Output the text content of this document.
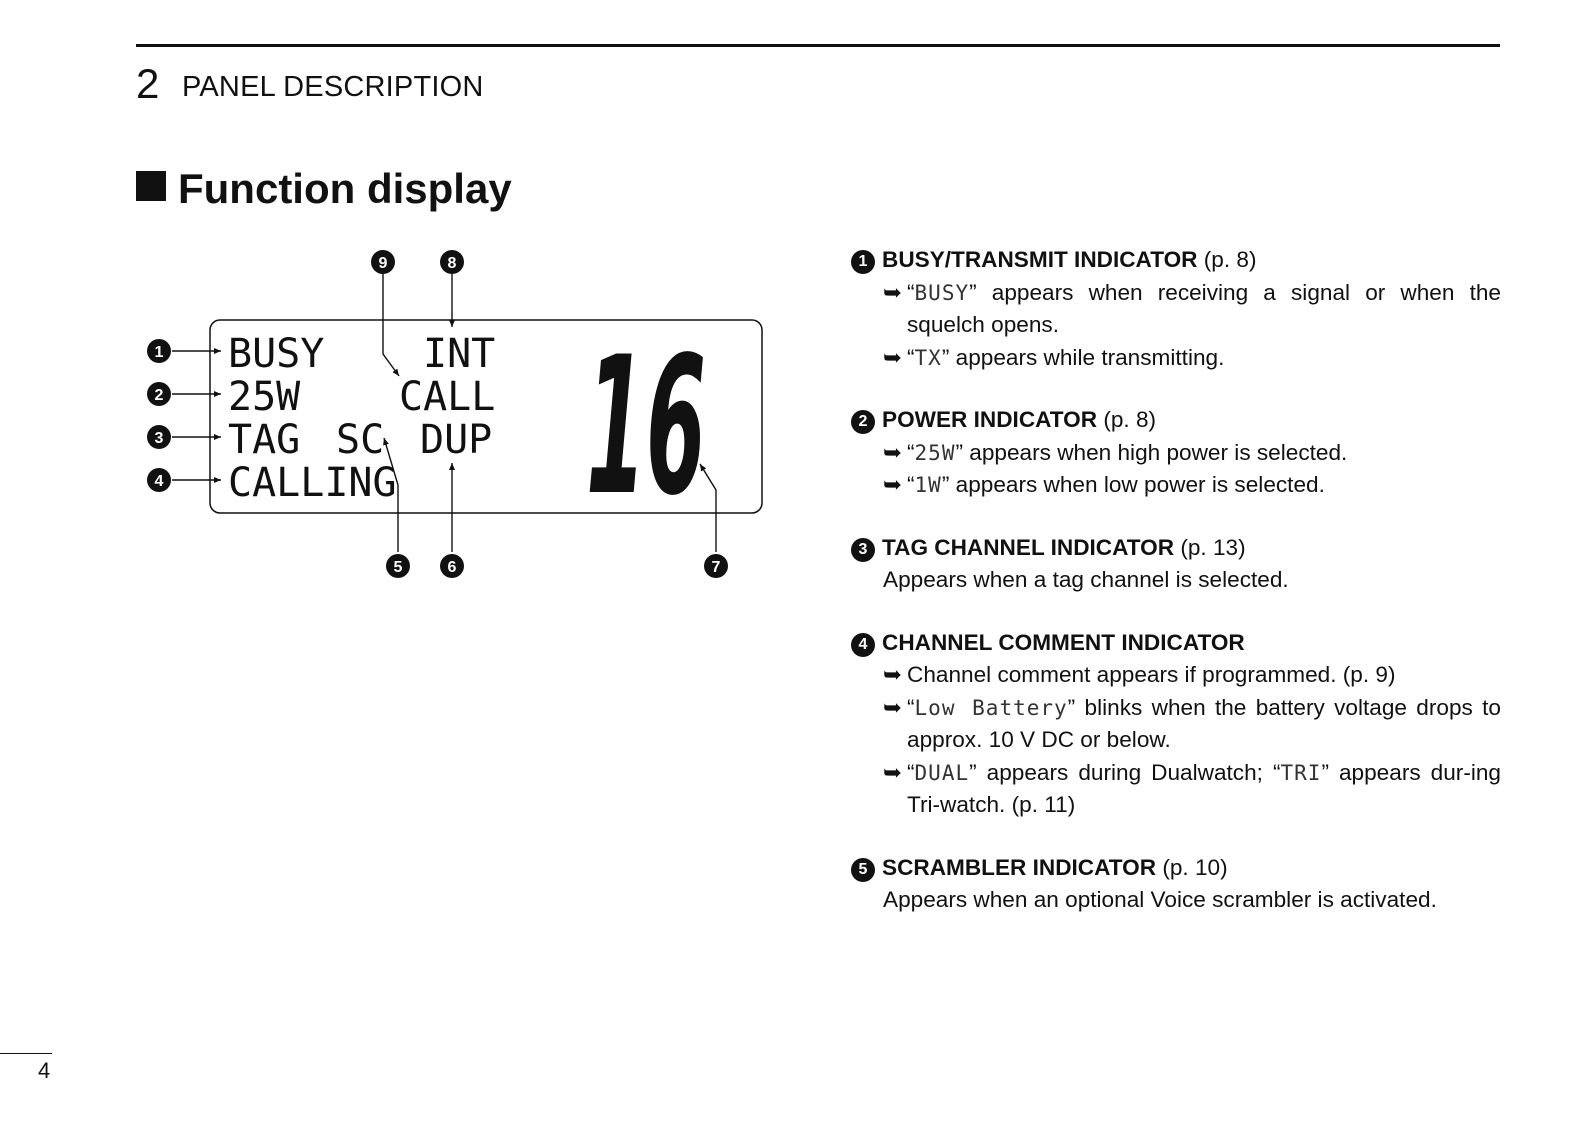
2 PANEL DESCRIPTION
Function display
BUSY INT
25W CALL
TAG SC DUP
CALLING 16
1
2
3
4
5	6	7
8
9	1 BUSY/TRANSMIT INDICATOR (p. 8)
➥ “BUSY” appears when receiving a signal or when the squelch opens.
➥ “TX” appears while transmitting.
2 POWER INDICATOR (p. 8)
➥ “25W” appears when high power is selected.
➥ “1W” appears when low power is selected.
3 TAG CHANNEL INDICATOR (p. 13)
Appears when a tag channel is selected.
4 CHANNEL COMMENT INDICATOR
➥ Channel comment appears if programmed. (p. 9)
➥ “Low Battery” blinks when the battery voltage drops to approx. 10 V DC or below.
➥ “DUAL” appears during Dualwatch; “TRI” appears dur-ing Tri-watch. (p. 11)
5 SCRAMBLER INDICATOR (p. 10)
Appears when an optional Voice scrambler is activated.
4
